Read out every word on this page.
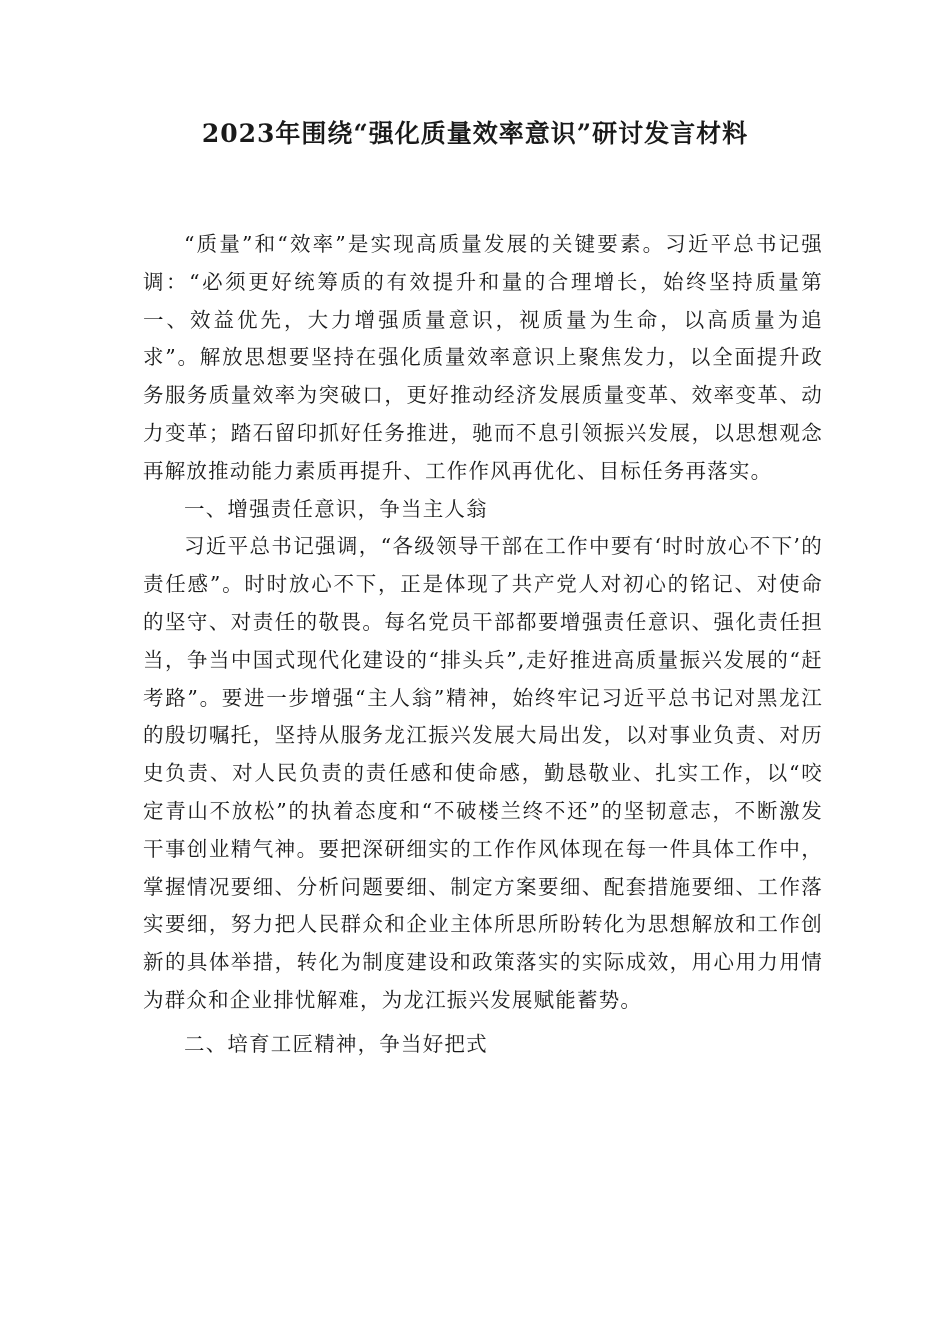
2023年围绕“强化质量效率意识”研讨发言材料

“质量”和“效率”是实现高质量发展的关键要素。习近平总书记强调：“必须更好统筹质的有效提升和量的合理增长，始终坚持质量第一、效益优先，大力增强质量意识，视质量为生命，以高质量为追求”。解放思想要坚持在强化质量效率意识上聚焦发力，以全面提升政务服务质量效率为突破口，更好推动经济发展质量变革、效率变革、动力变革；踏石留印抓好任务推进，驰而不息引领振兴发展，以思想观念再解放推动能力素质再提升、工作作风再优化、目标任务再落实。

一、增强责任意识，争当主人翁

习近平总书记强调，“各级领导干部在工作中要有‘时时放心不下’的责任感”。时时放心不下，正是体现了共产党人对初心的铭记、对使命的坚守、对责任的敬畏。每名党员干部都要增强责任意识、强化责任担当，争当中国式现代化建设的“排头兵”,走好推进高质量振兴发展的“赶考路”。要进一步增强“主人翁”精神，始终牢记习近平总书记对黑龙江的殷切嘱托，坚持从服务龙江振兴发展大局出发，以对事业负责、对历史负责、对人民负责的责任感和使命感，勤恳敬业、扎实工作，以“咬定青山不放松”的执着态度和“不破楼兰终不还”的坚韧意志，不断激发干事创业精气神。要把深研细实的工作作风体现在每一件具体工作中，掌握情况要细、分析问题要细、制定方案要细、配套措施要细、工作落实要细，努力把人民群众和企业主体所思所盼转化为思想解放和工作创新的具体举措，转化为制度建设和政策落实的实际成效，用心用力用情为群众和企业排忧解难，为龙江振兴发展赋能蓄势。

二、培育工匠精神，争当好把式
